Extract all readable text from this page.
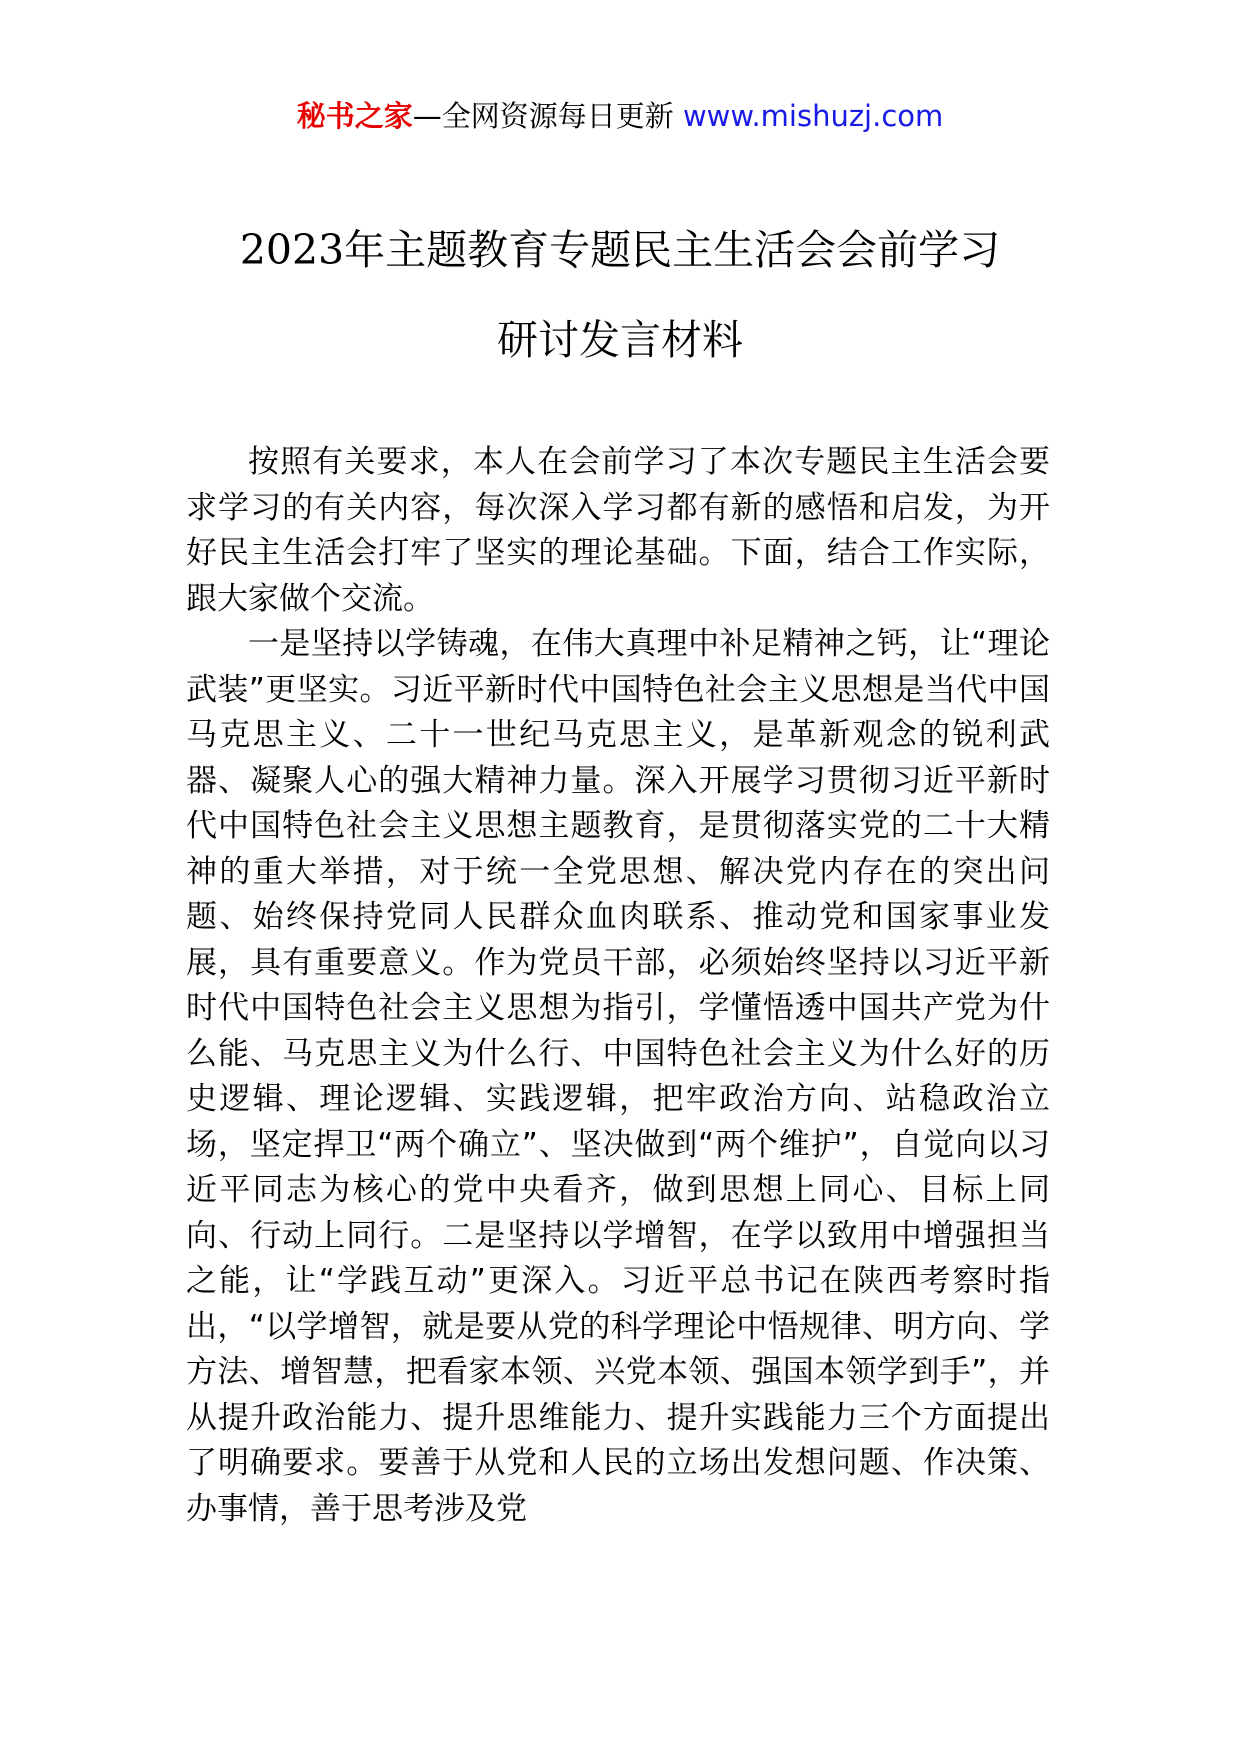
秘书之家—全网资源每日更新 www.mishuzj.com
2023年主题教育专题民主生活会会前学习
研讨发言材料

按照有关要求，本人在会前学习了本次专题民主生活会要求学习的有关内容，每次深入学习都有新的感悟和启发，为开好民主生活会打牢了坚实的理论基础。下面，结合工作实际，跟大家做个交流。

一是坚持以学铸魂，在伟大真理中补足精神之钙，让“理论武装”更坚实。习近平新时代中国特色社会主义思想是当代中国马克思主义、二十一世纪马克思主义，是革新观念的锐利武器、凝聚人心的强大精神力量。深入开展学习贯彻习近平新时代中国特色社会主义思想主题教育，是贯彻落实党的二十大精神的重大举措，对于统一全党思想、解决党内存在的突出问题、始终保持党同人民群众血肉联系、推动党和国家事业发展，具有重要意义。作为党员干部，必须始终坚持以习近平新时代中国特色社会主义思想为指引，学懂悟透中国共产党为什么能、马克思主义为什么行、中国特色社会主义为什么好的历史逻辑、理论逻辑、实践逻辑，把牢政治方向、站稳政治立场，坚定捍卫“两个确立”、坚决做到“两个维护”，自觉向以习近平同志为核心的党中央看齐，做到思想上同心、目标上同向、行动上同行。二是坚持以学增智，在学以致用中增强担当之能，让“学践互动”更深入。习近平总书记在陕西考察时指出，“以学增智，就是要从党的科学理论中悟规律、明方向、学方法、增智慧，把看家本领、兴党本领、强国本领学到手”，并从提升政治能力、提升思维能力、提升实践能力三个方面提出了明确要求。要善于从党和人民的立场出发想问题、作决策、办事情，善于思考涉及党
